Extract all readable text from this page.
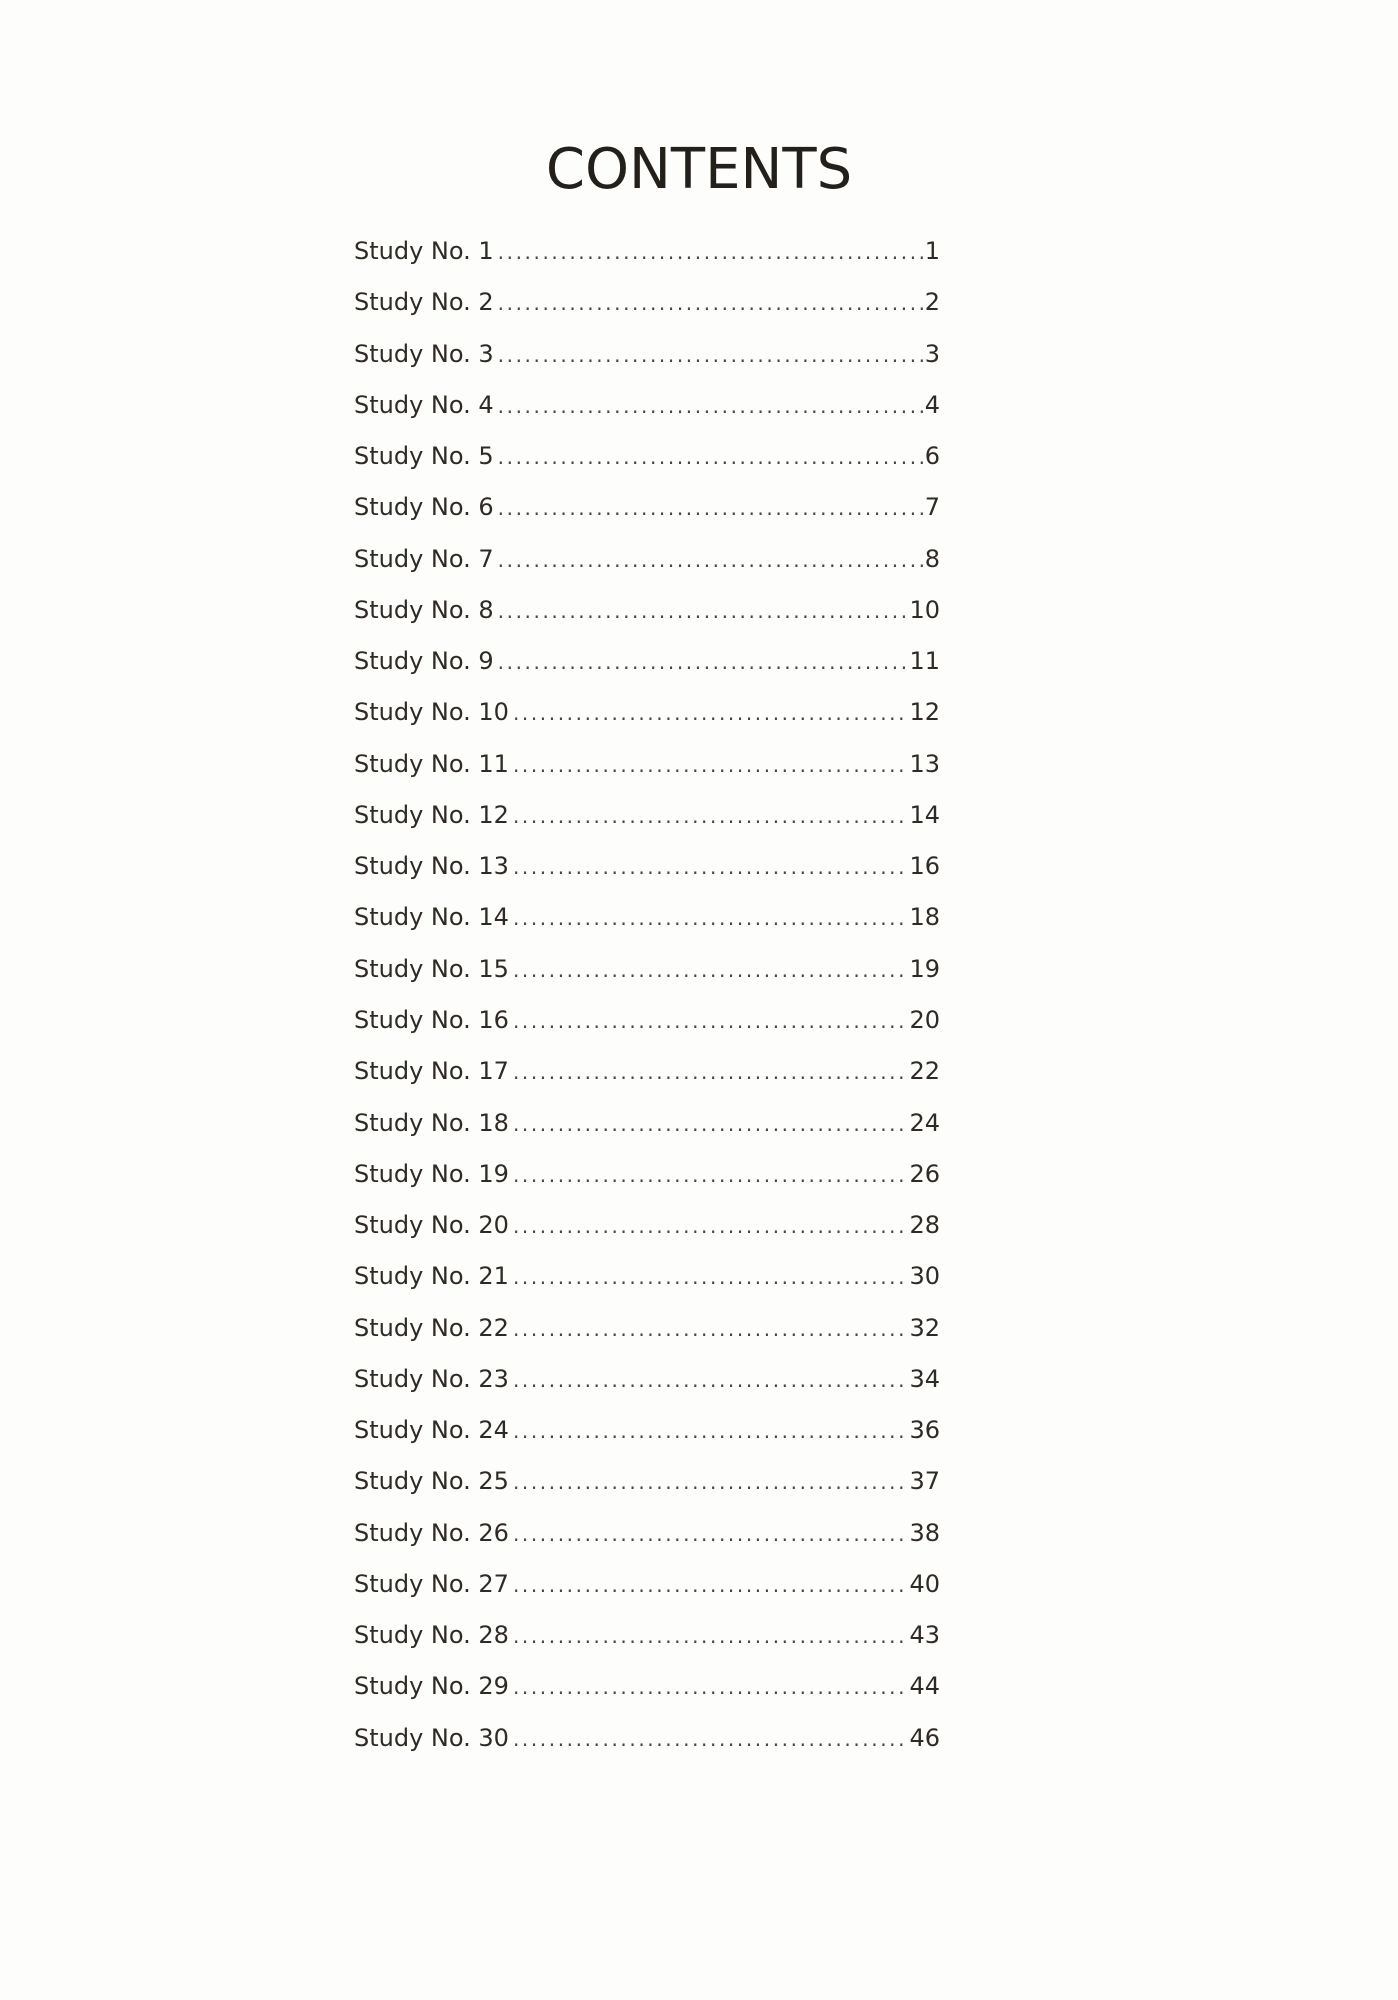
CONTENTS
Study No. 1 .....	1
Study No. 2 .....	2
Study No. 3 .....	3
Study No. 4 .....	4
Study No. 5 .....	6
Study No. 6 .....	7
Study No. 7 .....	8
Study No. 8 .....	10
Study No. 9 .....	11
Study No. 10 .....	12
Study No. 11 .....	13
Study No. 12 .....	14
Study No. 13 .....	16
Study No. 14 .....	18
Study No. 15 .....	19
Study No. 16 .....	20
Study No. 17 .....	22
Study No. 18 .....	24
Study No. 19 .....	26
Study No. 20 .....	28
Study No. 21 .....	30
Study No. 22 .....	32
Study No. 23 .....	34
Study No. 24 .....	36
Study No. 25 .....	37
Study No. 26 .....	38
Study No. 27 .....	40
Study No. 28 .....	43
Study No. 29 .....	44
Study No. 30 .....	46
